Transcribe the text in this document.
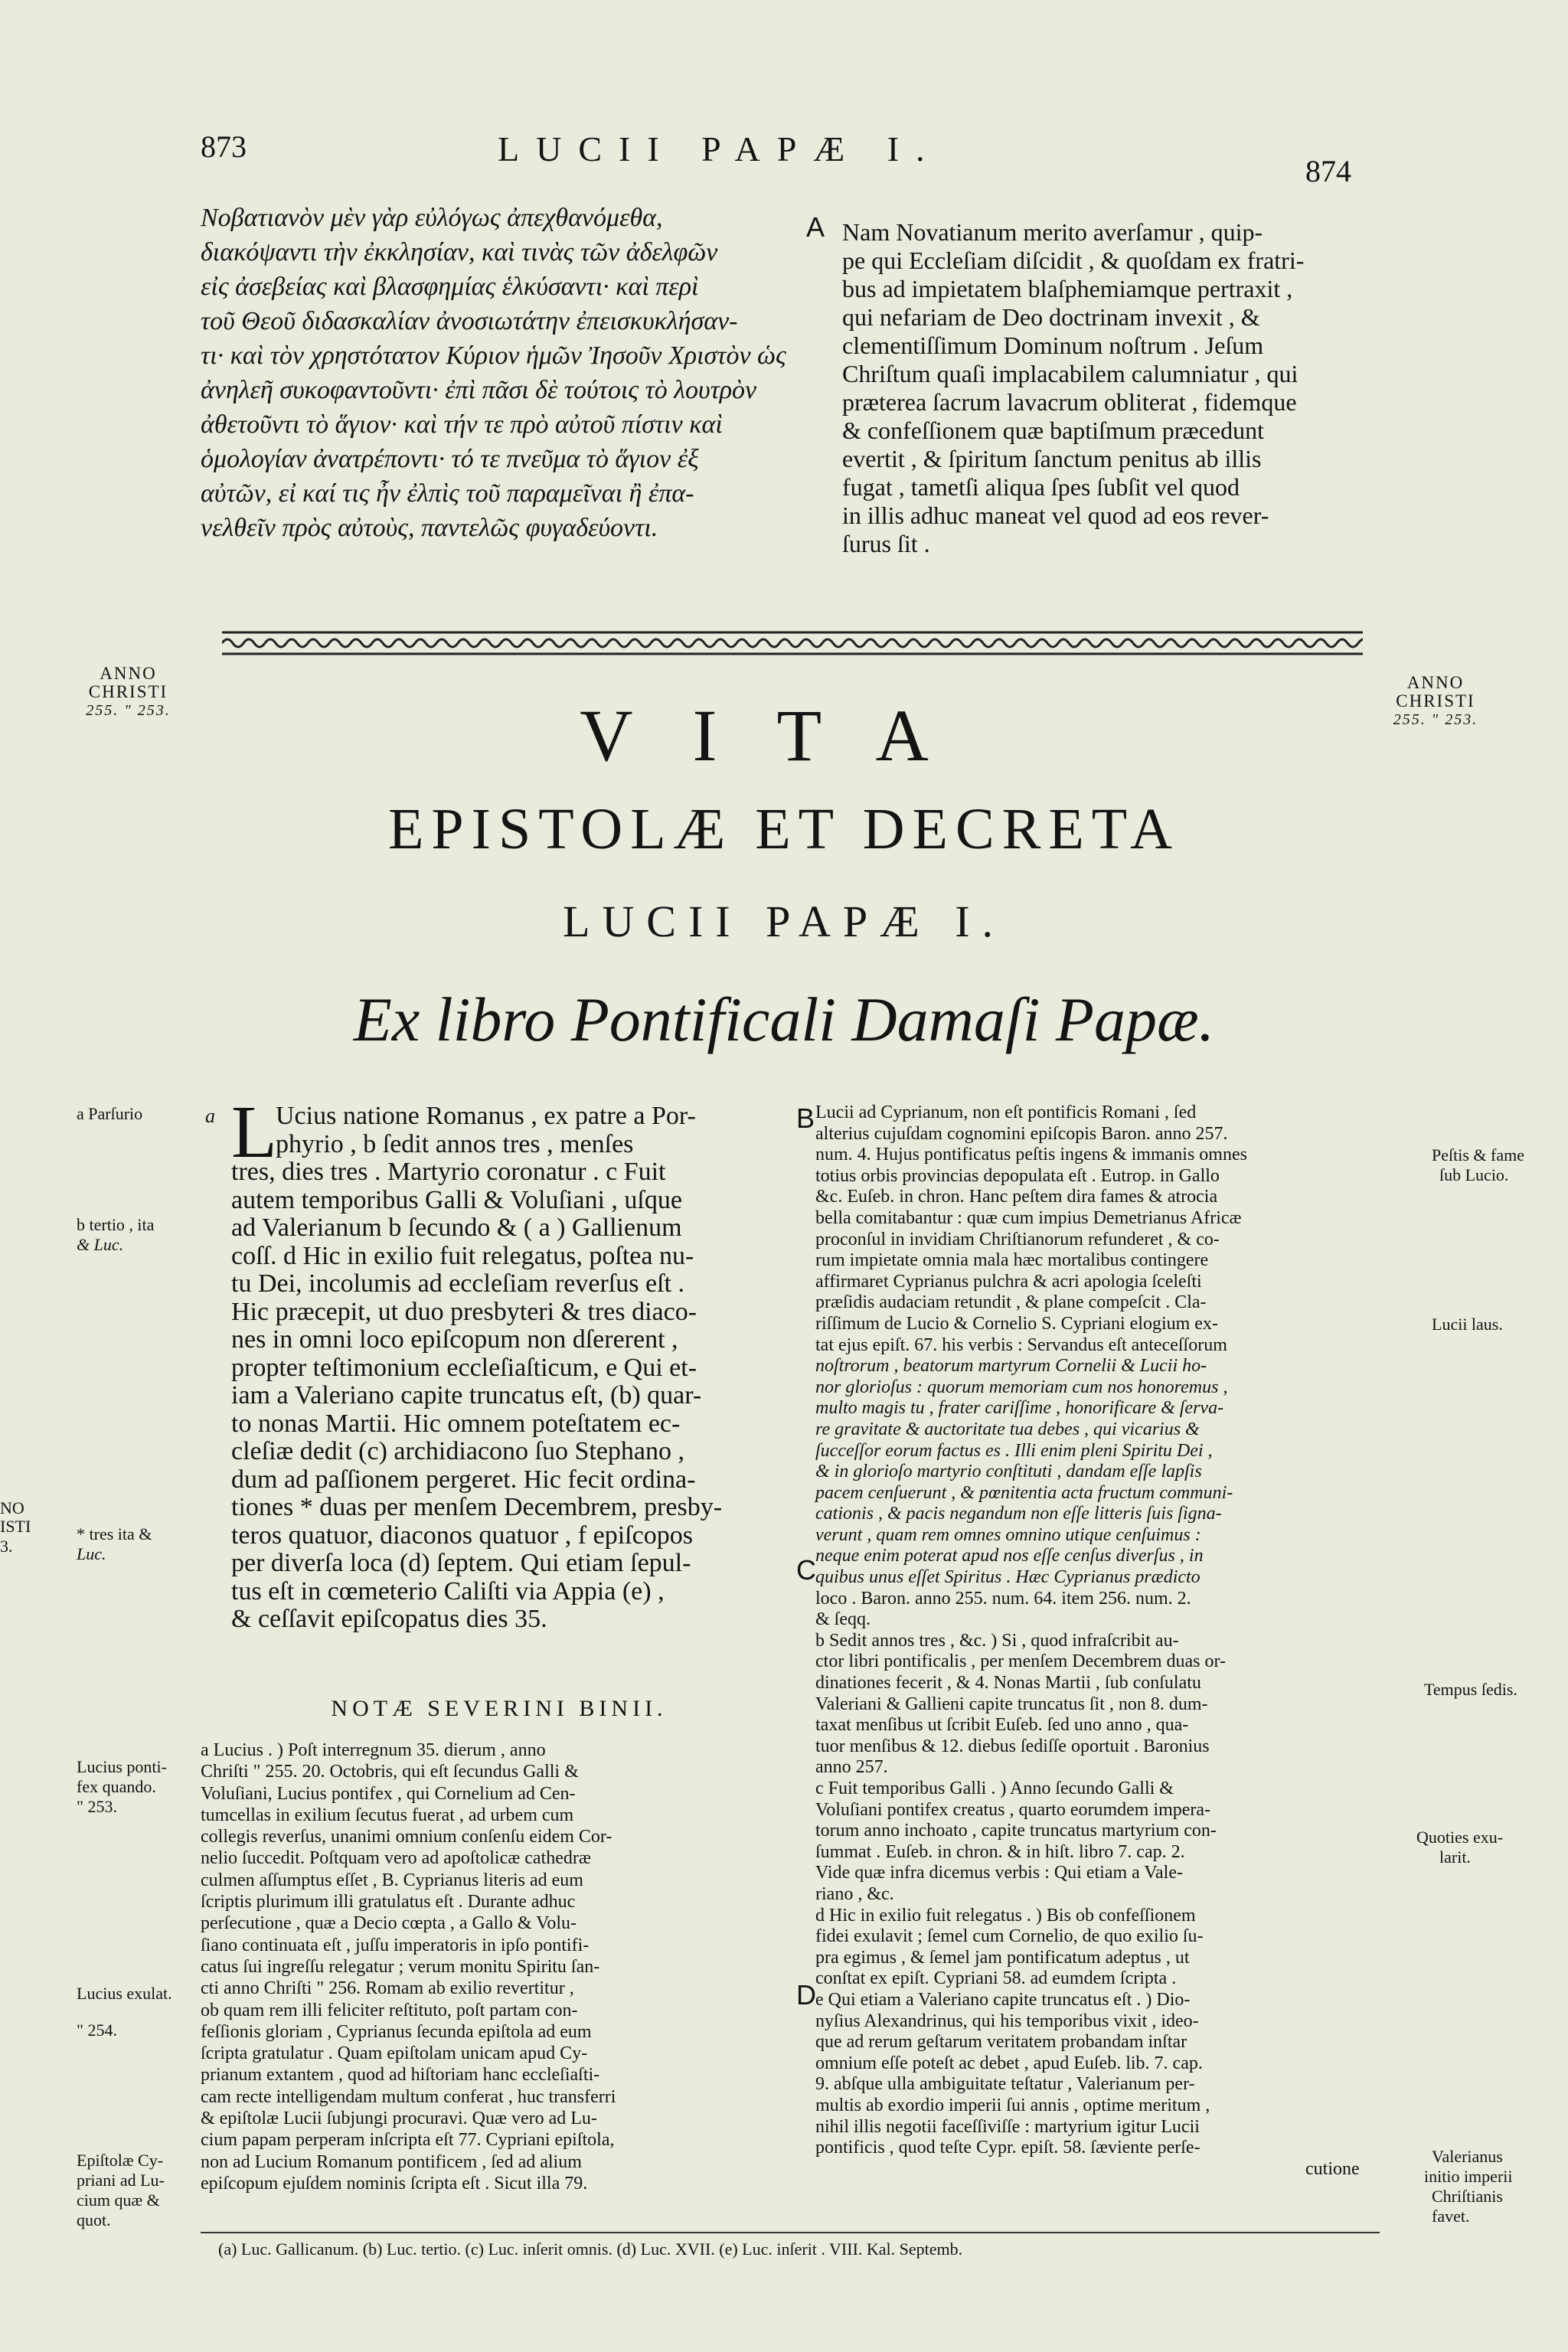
873	LUCII PAPÆ I.
874
Νοβατιανὸν μὲν γὰρ εὐλόγως ἀπεχθανόμεθα,
διακόψαντι τὴν ἐκκλησίαν, καὶ τινὰς τῶν ἀδελφῶν
εἰς ἀσεβείας καὶ βλασφημίας ἑλκύσαντι· καὶ περὶ
τοῦ Θεοῦ διδασκαλίαν ἀνοσιωτάτην ἐπεισκυκλήσαν-
τι· καὶ τὸν χρηστότατον Κύριον ἡμῶν Ἰησοῦν Χριστὸν ὡς
ἀνηλεῆ συκοφαντοῦντι· ἐπὶ πᾶσι δὲ τούτοις τὸ λουτρὸν
ἀθετοῦντι τὸ ἅγιον· καὶ τήν τε πρὸ αὐτοῦ πίστιν καὶ
ὁμολογίαν ἀνατρέποντι· τό τε πνεῦμα τὸ ἅγιον ἐξ
αὐτῶν, εἰ καί τις ἦν ἐλπὶς τοῦ παραμεῖναι ἢ ἐπα-
νελθεῖν πρὸς αὐτοὺς, παντελῶς φυγαδεύοντι.
A Nam Novatianum merito averſamur , quip-
pe qui Eccleſiam diſcidit , & quoſdam ex fratri-
bus ad impietatem blaſphemiamque pertraxit ,
qui nefariam de Deo doctrinam invexit , &
clementiſſimum Dominum noſtrum . Jeſum
Chriſtum quaſi implacabilem calumniatur , qui
præterea ſacrum lavacrum obliterat , fidemque
& confeſſionem quæ baptiſmum præcedunt
evertit , & ſpiritum ſanctum penitus ab illis
fugat , tametſi aliqua ſpes ſubſit vel quod
in illis adhuc maneat vel quod ad eos rever-
ſurus ſit .
ANNO
CHRISTI
255. " 253.
ANNO
CHRISTI
255. " 253.
VITA
EPISTOLÆ ET DECRETA
LUCII PAPÆ I.
Ex libro Pontificali Damaſi Papæ.
a Parſurio
b tertio , ita
& Luc.
* tres ita &
Luc.
a L
Ucius natione Romanus , ex patre a Por-
phyrio , b ſedit annos tres , menſes
tres, dies tres . Martyrio coronatur . c Fuit
autem temporibus Galli & Voluſiani , uſque
ad Valerianum b ſecundo & ( a ) Gallienum
coſſ. d Hic in exilio fuit relegatus, poſtea nu-
tu Dei, incolumis ad eccleſiam reverſus eſt .
Hic præcepit, ut duo presbyteri & tres diaco-
nes in omni loco epiſcopum non dſererent ,
propter teſtimonium eccleſiaſticum, e Qui et-
iam a Valeriano capite truncatus eſt, (b) quar-
to nonas Martii. Hic omnem poteſtatem ec-
cleſiæ dedit (c) archidiacono ſuo Stephano ,
dum ad paſſionem pergeret. Hic fecit ordina-
tiones * duas per menſem Decembrem, presby-
teros quatuor, diaconos quatuor , f epiſcopos
per diverſa loca (d) ſeptem. Qui etiam ſepul-
tus eſt in cœmeterio Caliſti via Appia (e) ,
& ceſſavit epiſcopatus dies 35.
B
C
D
NOTÆ SEVERINI BINII.
Lucius ponti-
fex quando.
" 253.
Lucius exulat.
" 254.
Epiſtolæ Cy-
priani ad Lu-
cium quæ &
quot.
a Lucius . ) Poſt interregnum 35. dierum , anno
Chriſti " 255. 20. Octobris, qui eſt ſecundus Galli &
Voluſiani, Lucius pontifex , qui Cornelium ad Cen-
tumcellas in exilium ſecutus fuerat , ad urbem cum
collegis reverſus, unanimi omnium conſenſu eidem Cor-
nelio ſuccedit. Poſtquam vero ad apoſtolicæ cathedræ
culmen aſſumptus eſſet , B. Cyprianus literis ad eum
ſcriptis plurimum illi gratulatus eſt . Durante adhuc
perſecutione , quæ a Decio cœpta , a Gallo & Volu-
ſiano continuata eſt , juſſu imperatoris in ipſo pontifi-
catus ſui ingreſſu relegatur ; verum monitu Spiritu ſan-
cti anno Chriſti " 256. Romam ab exilio revertitur ,
ob quam rem illi feliciter reſtituto, poſt partam con-
feſſionis gloriam , Cyprianus ſecunda epiſtola ad eum
ſcripta gratulatur . Quam epiſtolam unicam apud Cy-
prianum extantem , quod ad hiſtoriam hanc eccleſiaſti-
cam recte intelligendam multum conferat , huc transferri
& epiſtolæ Lucii ſubjungi procuravi. Quæ vero ad Lu-
cium papam perperam inſcripta eſt 77. Cypriani epiſtola,
non ad Lucium Romanum pontificem , ſed ad alium
epiſcopum ejuſdem nominis ſcripta eſt . Sicut illa 79.
Lucii ad Cyprianum, non eſt pontificis Romani , ſed
alterius cujuſdam cognomini epiſcopis Baron. anno 257.
num. 4. Hujus pontificatus peſtis ingens & immanis omnes
totius orbis provincias depopulata eſt . Eutrop. in Gallo
&c. Euſeb. in chron. Hanc peſtem dira fames & atrocia
bella comitabantur : quæ cum impius Demetrianus Africæ
proconſul in invidiam Chriſtianorum refunderet , & co-
rum impietate omnia mala hæc mortalibus contingere
affirmaret Cyprianus pulchra & acri apologia ſceleſti
præſidis audaciam retundit , & plane compeſcit . Cla-
riſſimum de Lucio & Cornelio S. Cypriani elogium ex-
tat ejus epiſt. 67. his verbis : Servandus eſt anteceſſorum
noſtrorum , beatorum martyrum Cornelii & Lucii ho-
nor glorioſus : quorum memoriam cum nos honoremus ,
multo magis tu , frater cariſſime , honorificare & ſerva-
re gravitate & auctoritate tua debes , qui vicarius &
ſucceſſor eorum factus es . Illi enim pleni Spiritu Dei ,
& in glorioſo martyrio conſtituti , dandam eſſe lapſis
pacem cenſuerunt , & pœnitentia acta fructum communi-
cationis , & pacis negandum non eſſe litteris ſuis ſigna-
verunt , quam rem omnes omnino utique cenſuimus :
neque enim poterat apud nos eſſe cenſus diverſus , in
quibus unus eſſet Spiritus . Hæc Cyprianus prædicto
loco . Baron. anno 255. num. 64. item 256. num. 2.
& ſeqq.
b Sedit annos tres , &c. ) Si , quod infraſcribit au-
ctor libri pontificalis , per menſem Decembrem duas or-
dinationes fecerit , & 4. Nonas Martii , ſub conſulatu
Valeriani & Gallieni capite truncatus ſit , non 8. dum-
taxat menſibus ut ſcribit Euſeb. ſed uno anno , qua-
tuor menſibus & 12. diebus ſediſſe oportuit . Baronius
anno 257.
c Fuit temporibus Galli . ) Anno ſecundo Galli &
Voluſiani pontifex creatus , quarto eorumdem impera-
torum anno inchoato , capite truncatus martyrium con-
ſummat . Euſeb. in chron. & in hiſt. libro 7. cap. 2.
Vide quæ infra dicemus verbis : Qui etiam a Vale-
riano , &c.
d Hic in exilio fuit relegatus . ) Bis ob confeſſionem
fidei exulavit ; ſemel cum Cornelio, de quo exilio ſu-
pra egimus , & ſemel jam pontificatum adeptus , ut
conſtat ex epiſt. Cypriani 58. ad eumdem ſcripta .
e Qui etiam a Valeriano capite truncatus eſt . ) Dio-
nyſius Alexandrinus, qui his temporibus vixit , ideo-
que ad rerum geſtarum veritatem probandam inſtar
omnium eſſe poteſt ac debet , apud Euſeb. lib. 7. cap.
9. abſque ulla ambiguitate teſtatur , Valerianum per-
multis ab exordio imperii ſui annis , optime meritum ,
nihil illis negotii faceſſiviſſe : martyrium igitur Lucii
pontificis , quod teſte Cypr. epiſt. 58. ſæviente perſe-
cutione
Peſtis & fame
ſub Lucio.
Lucii laus.
Tempus ſedis.
Quoties exu-
larit.
Valerianus
initio imperii
Chriſtianis
favet.
NO
ISTI
3.
(a) Luc. Gallicanum. (b) Luc. tertio. (c) Luc. inſerit omnis. (d) Luc. XVII. (e) Luc. inſerit . VIII. Kal. Septemb.
